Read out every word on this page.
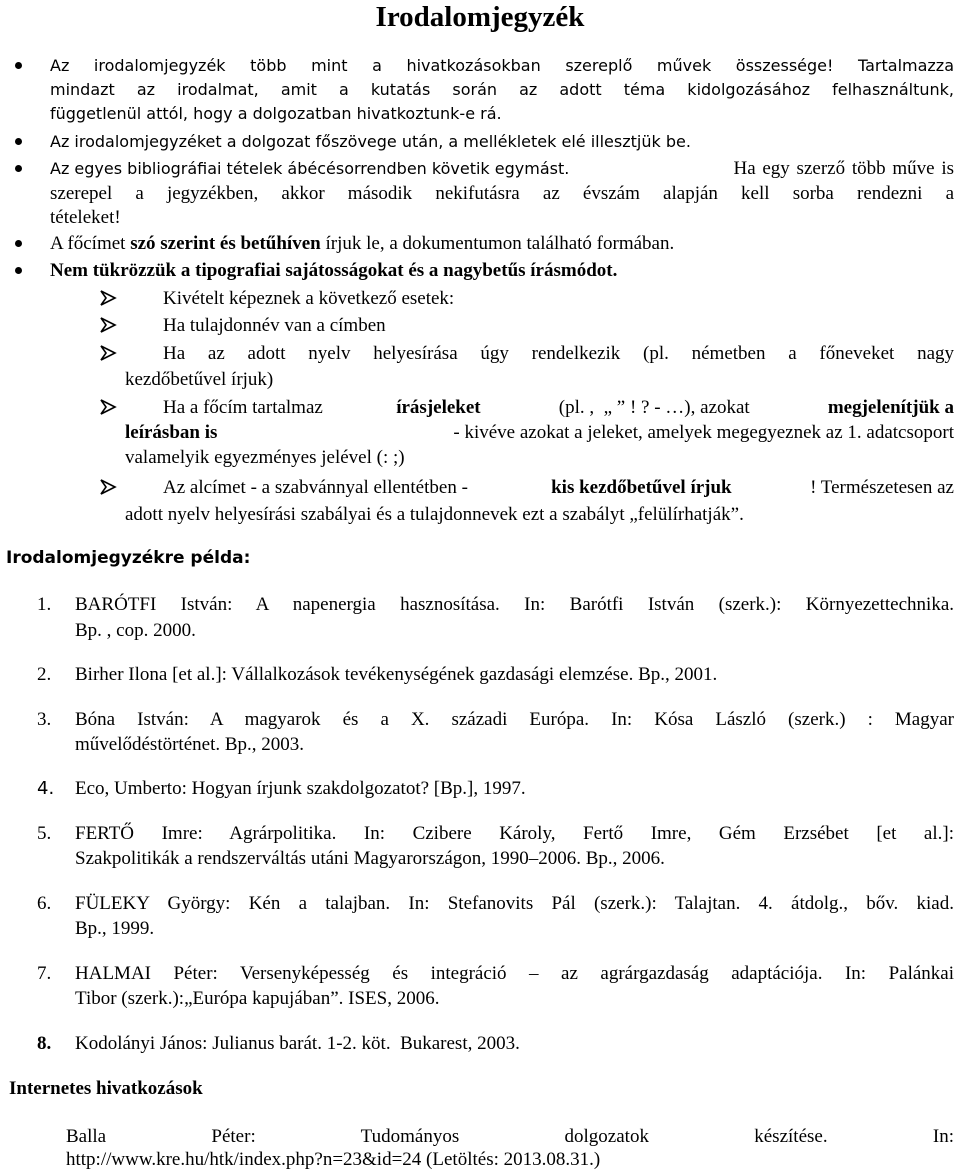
Irodalomjegyzék
Az irodalomjegyzék több mint a hivatkozásokban szereplő művek összessége! Tartalmazza
mindazt az irodalmat, amit a kutatás során az adott téma kidolgozásához felhasználtunk,
függetlenül attól, hogy a dolgozatban hivatkoztunk-e rá.
Az irodalomjegyzéket a dolgozat főszövege után, a mellékletek elé illesztjük be.
Az egyes bibliográfiai tételek ábécésorrendben követik egymást.	Ha egy szerző több műve is
szerepel a jegyzékben, akkor második nekifutásra az évszám alapján kell sorba rendezni a
tételeket!
A főcímet szó szerint és betűhíven írjuk le, a dokumentumon található formában.
Nem tükrözzük a tipografiai sajátosságokat és a nagybetűs írásmódot.
Kivételt képeznek a következő esetek:
Ha tulajdonnév van a címben
Ha az adott nyelv helyesírása úgy rendelkezik (pl. németben a főneveket nagy
kezdőbetűvel írjuk)
Ha a főcím tartalmaz	írásjeleket	(pl. ,  „ ” ! ? - …), azokat	megjelenítjük a
leírásban is	- kivéve azokat a jeleket, amelyek megegyeznek az 1. adatcsoport
valamelyik egyezményes jelével (: ;)
Az alcímet - a szabvánnyal ellentétben -	kis kezdőbetűvel írjuk	! Természetesen az
adott nyelv helyesírási szabályai és a tulajdonnevek ezt a szabályt „felülírhatják”.
Irodalomjegyzékre példa:
1. BARÓTFI István: A napenergia hasznosítása. In: Barótfi István (szerk.): Környezettechnika.
Bp. , cop. 2000.
2. Birher Ilona [et al.]: Vállalkozások tevékenységének gazdasági elemzése. Bp., 2001.
3. Bóna István: A magyarok és a X. századi Európa. In: Kósa László (szerk.) : Magyar
művelődéstörténet. Bp., 2003.
4. Eco, Umberto: Hogyan írjunk szakdolgozatot? [Bp.], 1997.
5. FERTŐ Imre: Agrárpolitika. In: Czibere Károly, Fertő Imre, Gém Erzsébet [et al.]:
Szakpolitikák a rendszerváltás utáni Magyarországon, 1990–2006. Bp., 2006.
6. FÜLEKY György: Kén a talajban. In: Stefanovits Pál (szerk.): Talajtan. 4. átdolg., bőv. kiad.
Bp., 1999.
7. HALMAI Péter: Versenyképesség és integráció – az agrárgazdaság adaptációja. In: Palánkai
Tibor (szerk.):„Európa kapujában”. ISES, 2006.
8. Kodolányi János: Julianus barát. 1-2. köt.  Bukarest, 2003.
Internetes hivatkozások
Balla Péter: Tudományos dolgozatok készítése. In:
http://www.kre.hu/htk/index.php?n=23&id=24 (Letöltés: 2013.08.31.)
